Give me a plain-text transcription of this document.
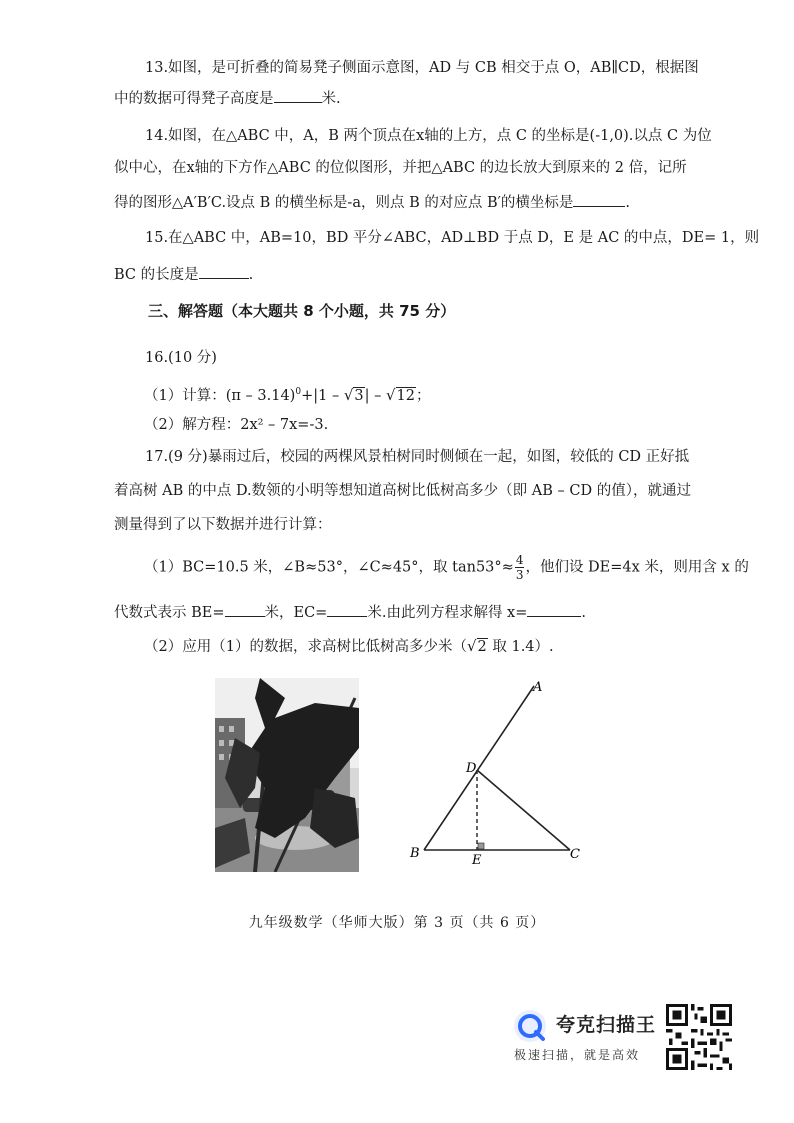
13.如图，是可折叠的简易凳子侧面示意图，AD 与 CB 相交于点 O，AB∥CD，根据图
中的数据可得凳子高度是	米.
14.如图，在△ABC 中，A，B 两个顶点在x轴的上方，点 C 的坐标是(-1,0).以点 C 为位
似中心，在x轴的下方作△ABC 的位似图形，并把△ABC 的边长放大到原来的 2 倍，记所
得的图形△A′B′C.设点 B 的横坐标是-a，则点 B 的对应点 B′的横坐标是	.
15.在△ABC 中，AB=10，BD 平分∠ABC，AD⊥BD 于点 D，E 是 AC 的中点，DE= 1，则
BC 的长度是	.
三、解答题（本大题共 8 个小题，共 75 分）
16.(10 分)
（1）计算：(π – 3.14)$^0$+|1 – √3| – √12；
（2）解方程：2x² – 7x=-3.
17.(9 分)暴雨过后，校园的两棵风景柏树同时侧倾在一起，如图，较低的 CD 正好抵
着高树 AB 的中点 D.数领的小明等想知道高树比低树高多少（即 AB – CD 的值），就通过
测量得到了以下数据并进行计算：
（1）BC=10.5 米，∠B≈53°，∠C≈45°，取 $\tan 53^\circ\approx \frac{4}{3}$ ，他们设 DE=4x 米，则用含 x 的
代数式表示 BE=	米，EC=	米.由此列方程求解得 x=	.
（2）应用（1）的数据，求高树比低树高多少米（√2 取 1.4）.
A
D
B	E	C
九年级数学（华师大版）第 3 页（共 6 页）
夸克扫描王
极速扫描，就是高效
